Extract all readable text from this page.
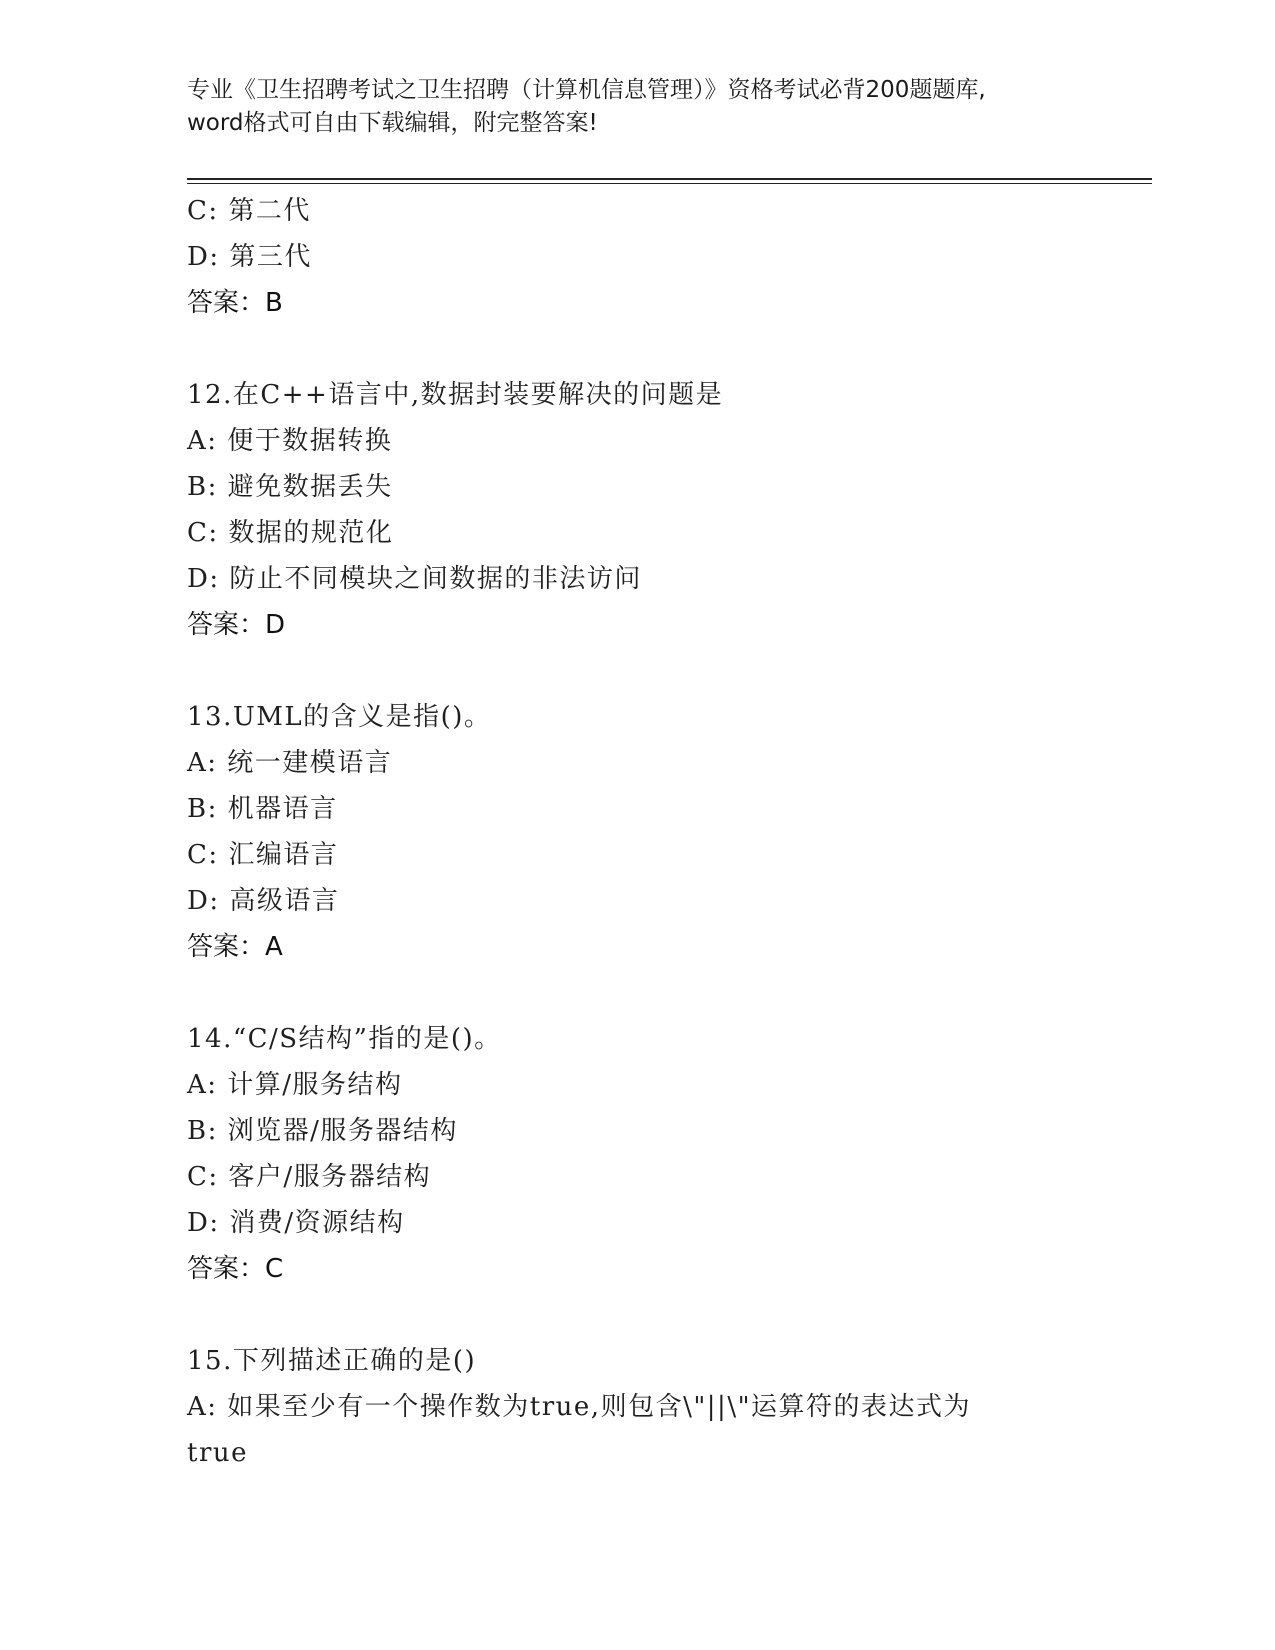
专业《卫生招聘考试之卫生招聘（计算机信息管理）》资格考试必背200题题库,
word格式可自由下载编辑，附完整答案!
C: 第二代
D: 第三代
答案：B
12.在C++语言中,数据封装要解决的问题是
A: 便于数据转换
B: 避免数据丢失
C: 数据的规范化
D: 防止不同模块之间数据的非法访问
答案：D
13.UML的含义是指()。
A: 统一建模语言
B: 机器语言
C: 汇编语言
D: 高级语言
答案：A
14.“C/S结构”指的是()。
A: 计算/服务结构
B: 浏览器/服务器结构
C: 客户/服务器结构
D: 消费/资源结构
答案：C
15.下列描述正确的是()
A: 如果至少有一个操作数为true,则包含\"||\"运算符的表达式为
true
